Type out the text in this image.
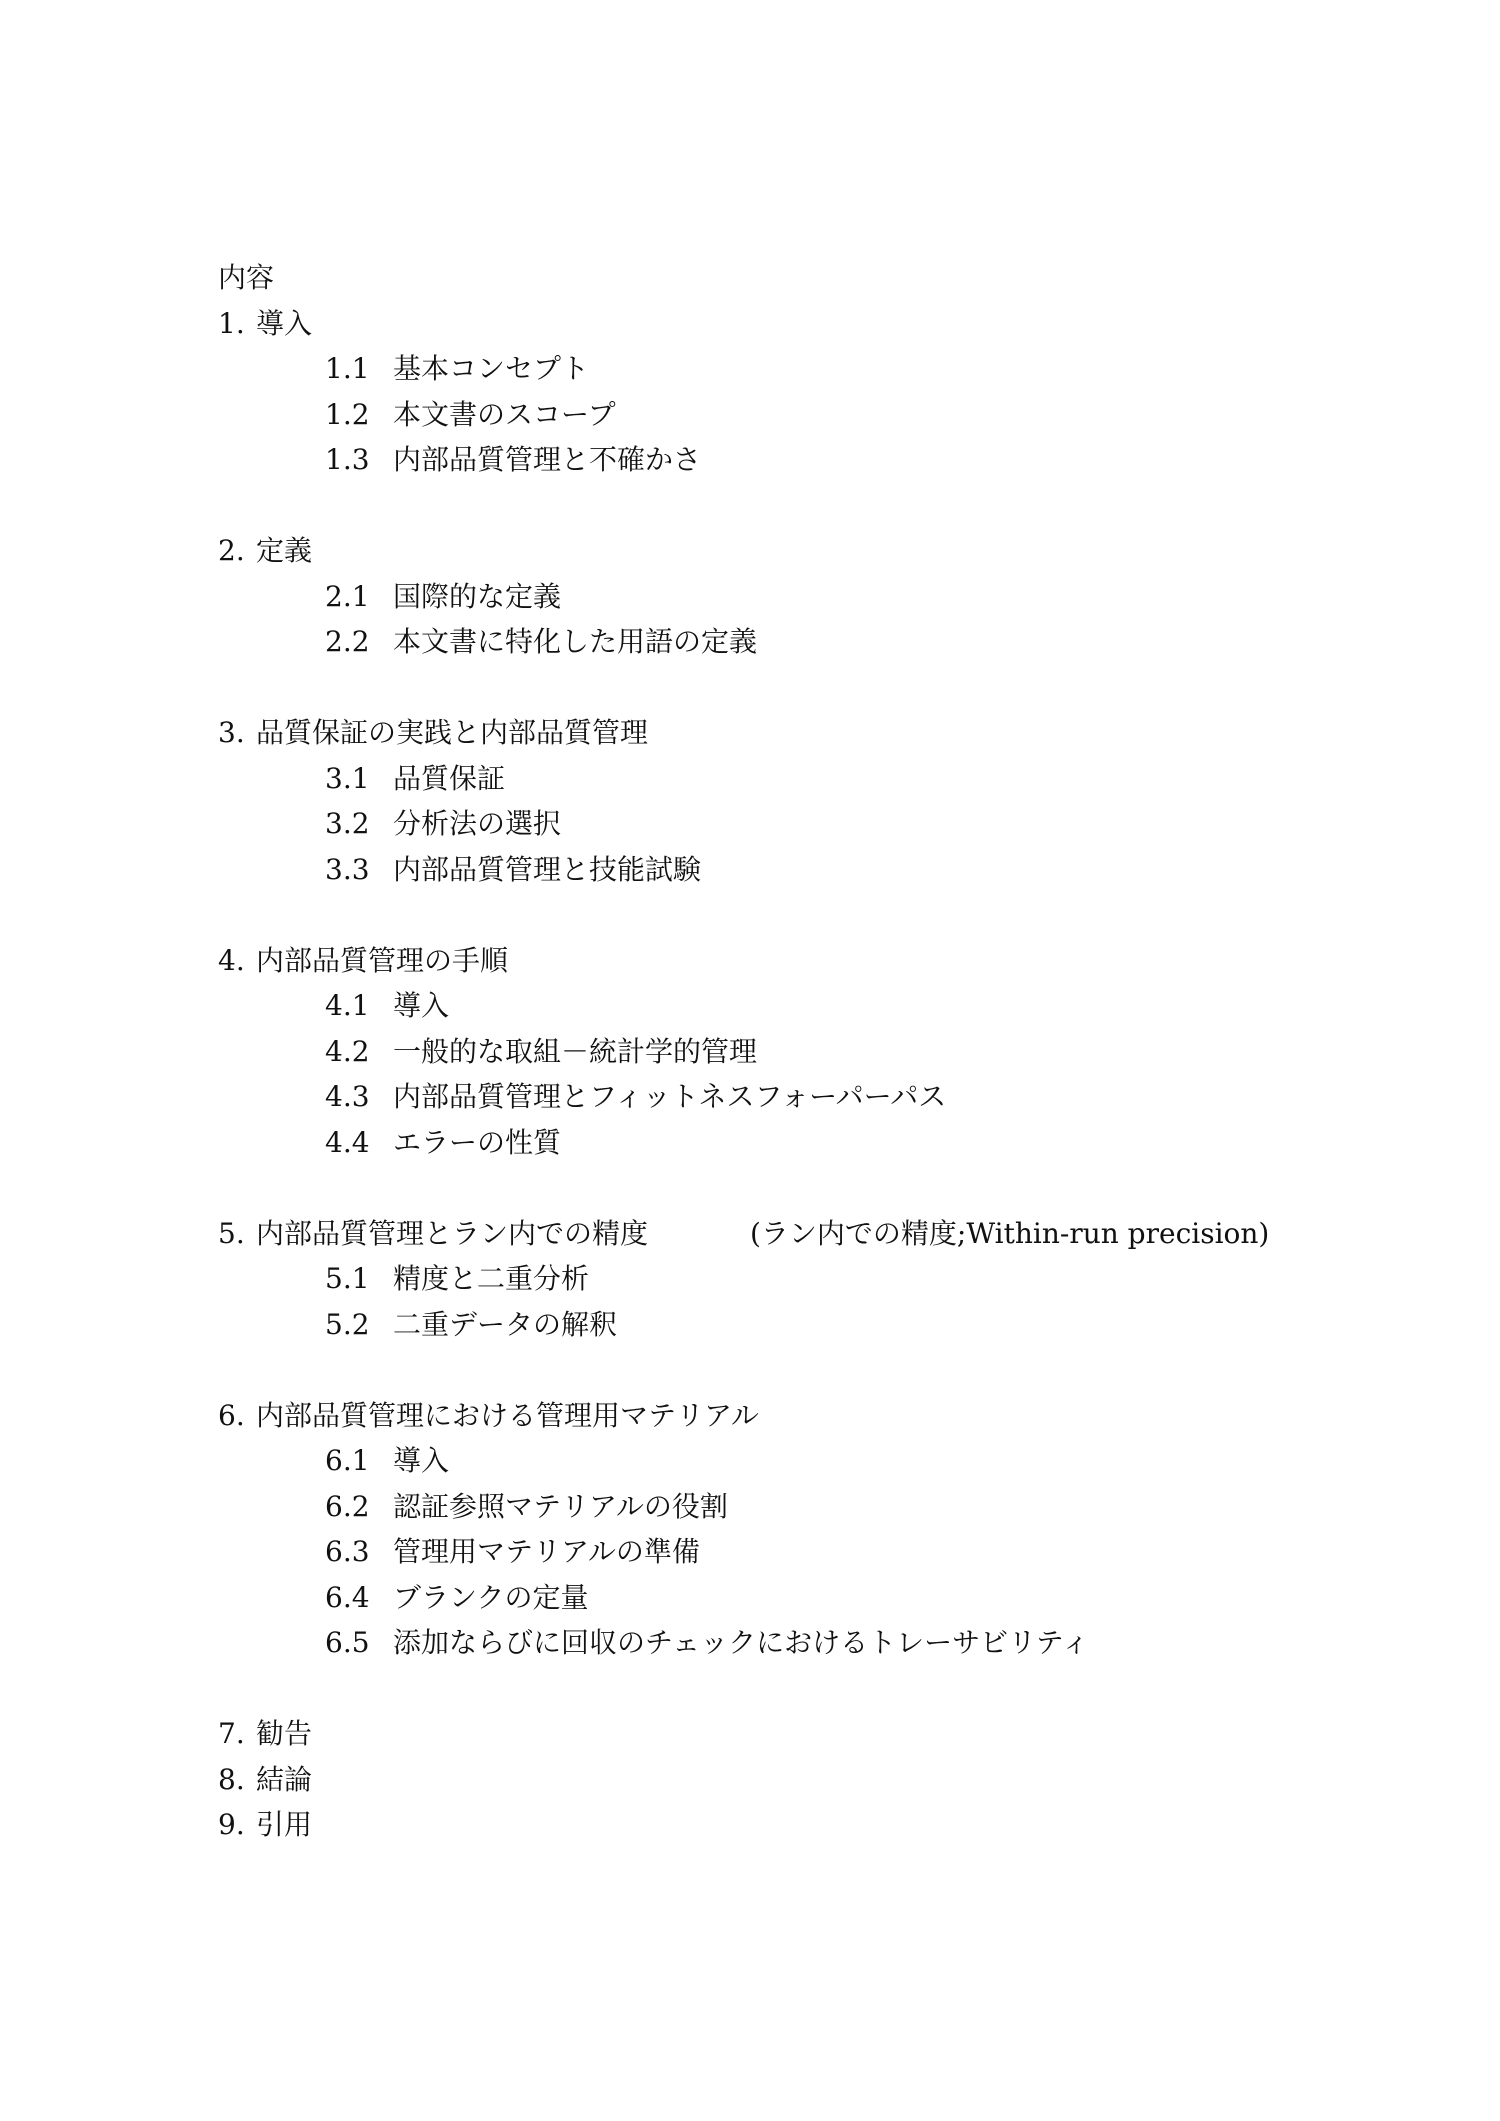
内容
1. 導入
1.1 基本コンセプト
1.2 本文書のスコープ
1.3 内部品質管理と不確かさ
2. 定義
2.1 国際的な定義
2.2 本文書に特化した用語の定義
3. 品質保証の実践と内部品質管理
3.1 品質保証
3.2 分析法の選択
3.3 内部品質管理と技能試験
4. 内部品質管理の手順
4.1 導入
4.2 一般的な取組－統計学的管理
4.3 内部品質管理とフィットネスフォーパーパス
4.4 エラーの性質
5. 内部品質管理とラン内での精度	(ラン内での精度;Within-run precision)
5.1 精度と二重分析
5.2 二重データの解釈
6. 内部品質管理における管理用マテリアル
6.1 導入
6.2 認証参照マテリアルの役割
6.3 管理用マテリアルの準備
6.4 ブランクの定量
6.5 添加ならびに回収のチェックにおけるトレーサビリティ
7. 勧告
8. 結論
9. 引用
